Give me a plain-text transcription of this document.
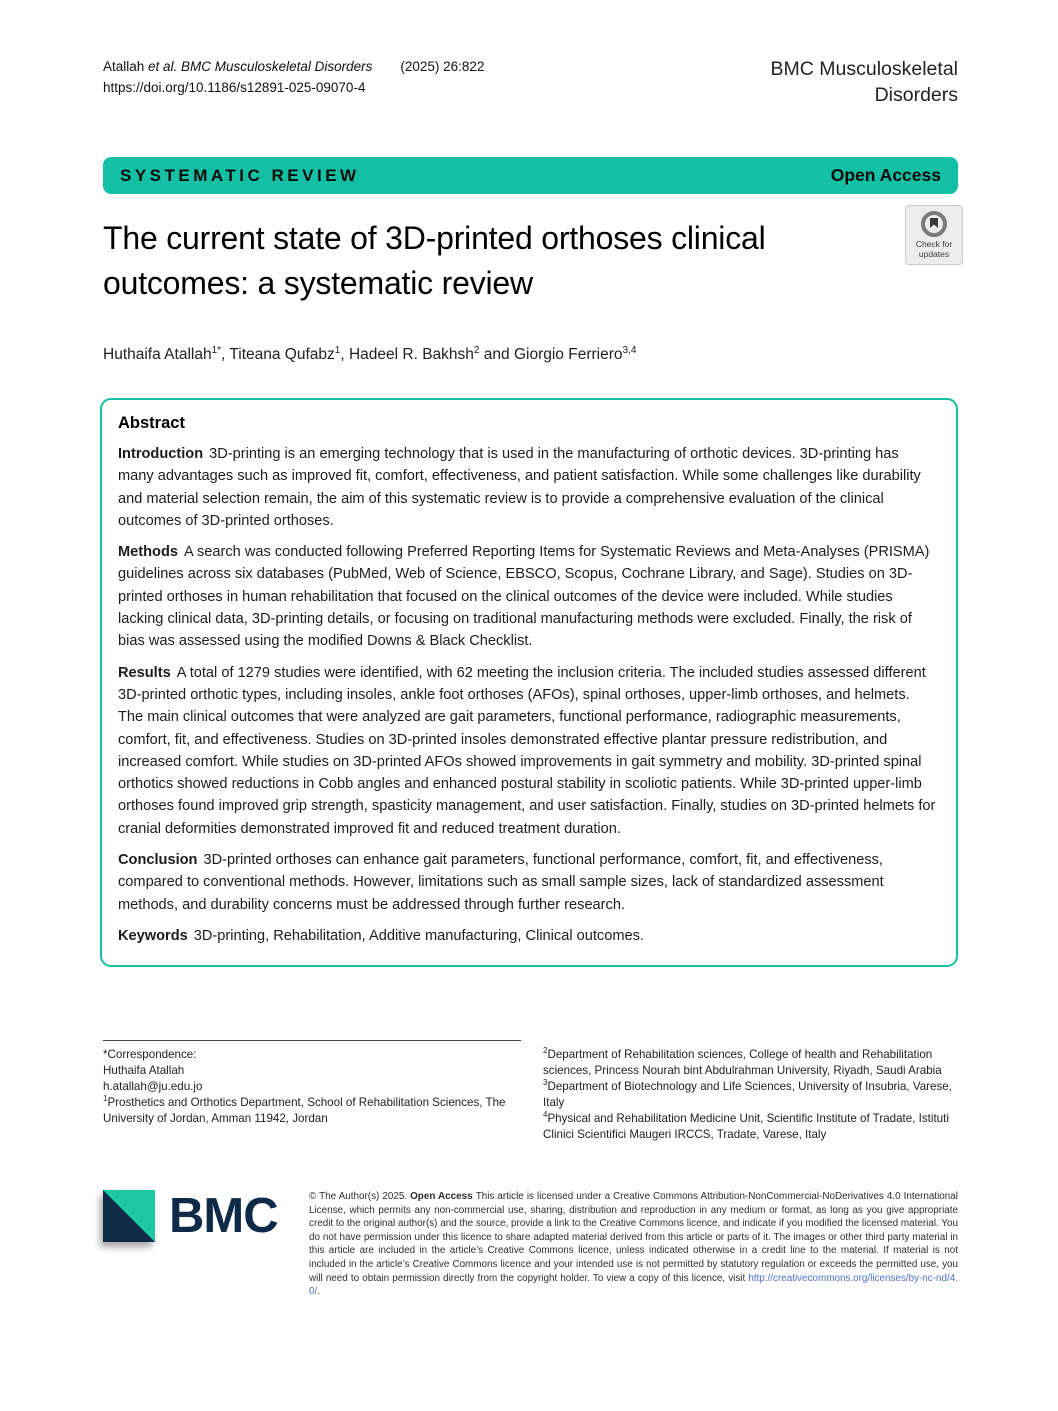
Atallah et al. BMC Musculoskeletal Disorders (2025) 26:822
https://doi.org/10.1186/s12891-025-09070-4
BMC Musculoskeletal
Disorders
SYSTEMATIC REVIEW	Open Access
The current state of 3D-printed orthoses clinical outcomes: a systematic review
Check for
updates
Huthaifa Atallah$^{1*}$, Titeana Qufabz$^1$, Hadeel R. Bakhsh$^2$ and Giorgio Ferriero$^{3,4}$
Abstract

Introduction 3D-printing is an emerging technology that is used in the manufacturing of orthotic devices. 3D-printing has many advantages such as improved fit, comfort, effectiveness, and patient satisfaction. While some challenges like durability and material selection remain, the aim of this systematic review is to provide a comprehensive evaluation of the clinical outcomes of 3D-printed orthoses.

Methods A search was conducted following Preferred Reporting Items for Systematic Reviews and Meta-Analyses (PRISMA) guidelines across six databases (PubMed, Web of Science, EBSCO, Scopus, Cochrane Library, and Sage). Studies on 3D-printed orthoses in human rehabilitation that focused on the clinical outcomes of the device were included. While studies lacking clinical data, 3D-printing details, or focusing on traditional manufacturing methods were excluded. Finally, the risk of bias was assessed using the modified Downs & Black Checklist.

Results A total of 1279 studies were identified, with 62 meeting the inclusion criteria. The included studies assessed different 3D-printed orthotic types, including insoles, ankle foot orthoses (AFOs), spinal orthoses, upper-limb orthoses, and helmets. The main clinical outcomes that were analyzed are gait parameters, functional performance, radiographic measurements, comfort, fit, and effectiveness. Studies on 3D-printed insoles demonstrated effective plantar pressure redistribution, and increased comfort. While studies on 3D-printed AFOs showed improvements in gait symmetry and mobility. 3D-printed spinal orthotics showed reductions in Cobb angles and enhanced postural stability in scoliotic patients. While 3D-printed upper-limb orthoses found improved grip strength, spasticity management, and user satisfaction. Finally, studies on 3D-printed helmets for cranial deformities demonstrated improved fit and reduced treatment duration.

Conclusion 3D-printed orthoses can enhance gait parameters, functional performance, comfort, fit, and effectiveness, compared to conventional methods. However, limitations such as small sample sizes, lack of standardized assessment methods, and durability concerns must be addressed through further research.

Keywords 3D-printing, Rehabilitation, Additive manufacturing, Clinical outcomes.

*Correspondence:
Huthaifa Atallah
h.atallah@ju.edu.jo
$^1$Prosthetics and Orthotics Department, School of Rehabilitation Sciences, The University of Jordan, Amman 11942, Jordan
$^2$Department of Rehabilitation sciences, College of health and Rehabilitation sciences, Princess Nourah bint Abdulrahman University, Riyadh, Saudi Arabia
$^3$Department of Biotechnology and Life Sciences, University of Insubria, Varese, Italy
$^4$Physical and Rehabilitation Medicine Unit, Scientific Institute of Tradate, Istituti Clinici Scientifici Maugeri IRCCS, Tradate, Varese, Italy
BMC	© The Author(s) 2025. Open Access This article is licensed under a Creative Commons Attribution-NonCommercial-NoDerivatives 4.0 International License, which permits any non-commercial use, sharing, distribution and reproduction in any medium or format, as long as you give appropriate credit to the original author(s) and the source, provide a link to the Creative Commons licence, and indicate if you modified the licensed material. You do not have permission under this licence to share adapted material derived from this article or parts of it. The images or other third party material in this article are included in the article’s Creative Commons licence, unless indicated otherwise in a credit line to the material. If material is not included in the article’s Creative Commons licence and your intended use is not permitted by statutory regulation or exceeds the permitted use, you will need to obtain permission directly from the copyright holder. To view a copy of this licence, visit http://creativecommons.org/licenses/by-nc-nd/4.0/.
